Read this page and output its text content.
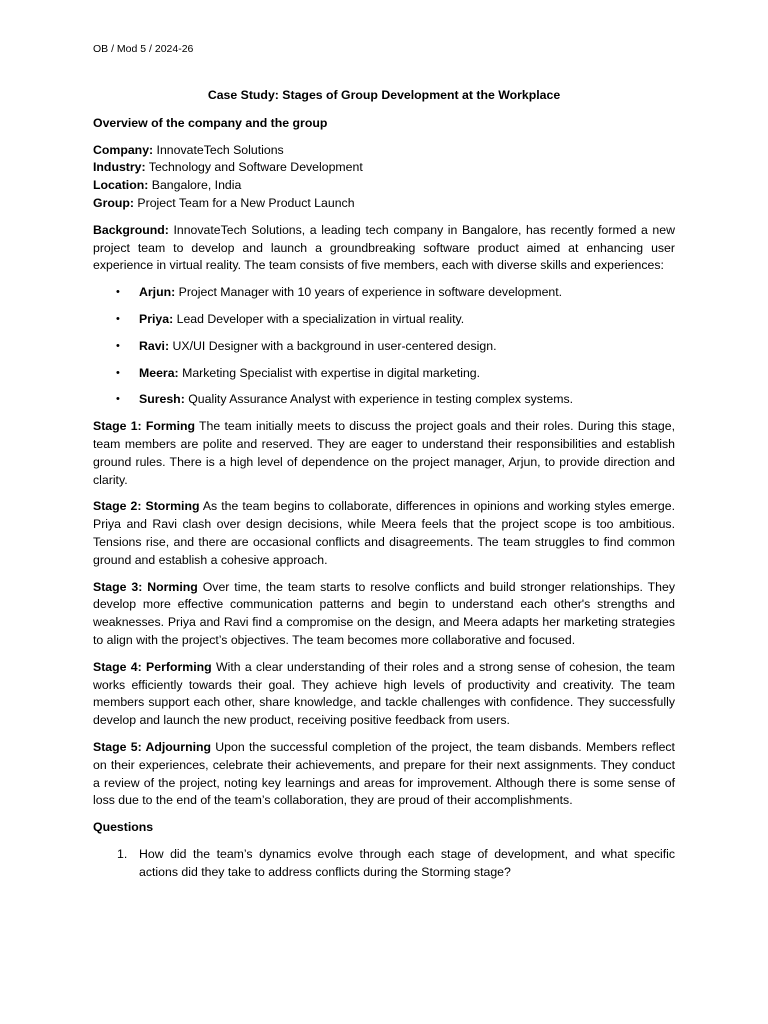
OB / Mod 5 / 2024-26

Case Study: Stages of Group Development at the Workplace

Overview of the company and the group

Company: InnovateTech Solutions
Industry: Technology and Software Development
Location: Bangalore, India
Group: Project Team for a New Product Launch

Background: InnovateTech Solutions, a leading tech company in Bangalore, has recently formed a new project team to develop and launch a groundbreaking software product aimed at enhancing user experience in virtual reality. The team consists of five members, each with diverse skills and experiences:

• Arjun: Project Manager with 10 years of experience in software development.
• Priya: Lead Developer with a specialization in virtual reality.
• Ravi: UX/UI Designer with a background in user-centered design.
• Meera: Marketing Specialist with expertise in digital marketing.
• Suresh: Quality Assurance Analyst with experience in testing complex systems.

Stage 1: Forming The team initially meets to discuss the project goals and their roles. During this stage, team members are polite and reserved. They are eager to understand their responsibilities and establish ground rules. There is a high level of dependence on the project manager, Arjun, to provide direction and clarity.

Stage 2: Storming As the team begins to collaborate, differences in opinions and working styles emerge. Priya and Ravi clash over design decisions, while Meera feels that the project scope is too ambitious. Tensions rise, and there are occasional conflicts and disagreements. The team struggles to find common ground and establish a cohesive approach.

Stage 3: Norming Over time, the team starts to resolve conflicts and build stronger relationships. They develop more effective communication patterns and begin to understand each other's strengths and weaknesses. Priya and Ravi find a compromise on the design, and Meera adapts her marketing strategies to align with the project’s objectives. The team becomes more collaborative and focused.

Stage 4: Performing With a clear understanding of their roles and a strong sense of cohesion, the team works efficiently towards their goal. They achieve high levels of productivity and creativity. The team members support each other, share knowledge, and tackle challenges with confidence. They successfully develop and launch the new product, receiving positive feedback from users.

Stage 5: Adjourning Upon the successful completion of the project, the team disbands. Members reflect on their experiences, celebrate their achievements, and prepare for their next assignments. They conduct a review of the project, noting key learnings and areas for improvement. Although there is some sense of loss due to the end of the team’s collaboration, they are proud of their accomplishments.

Questions

1. How did the team’s dynamics evolve through each stage of development, and what specific actions did they take to address conflicts during the Storming stage?
